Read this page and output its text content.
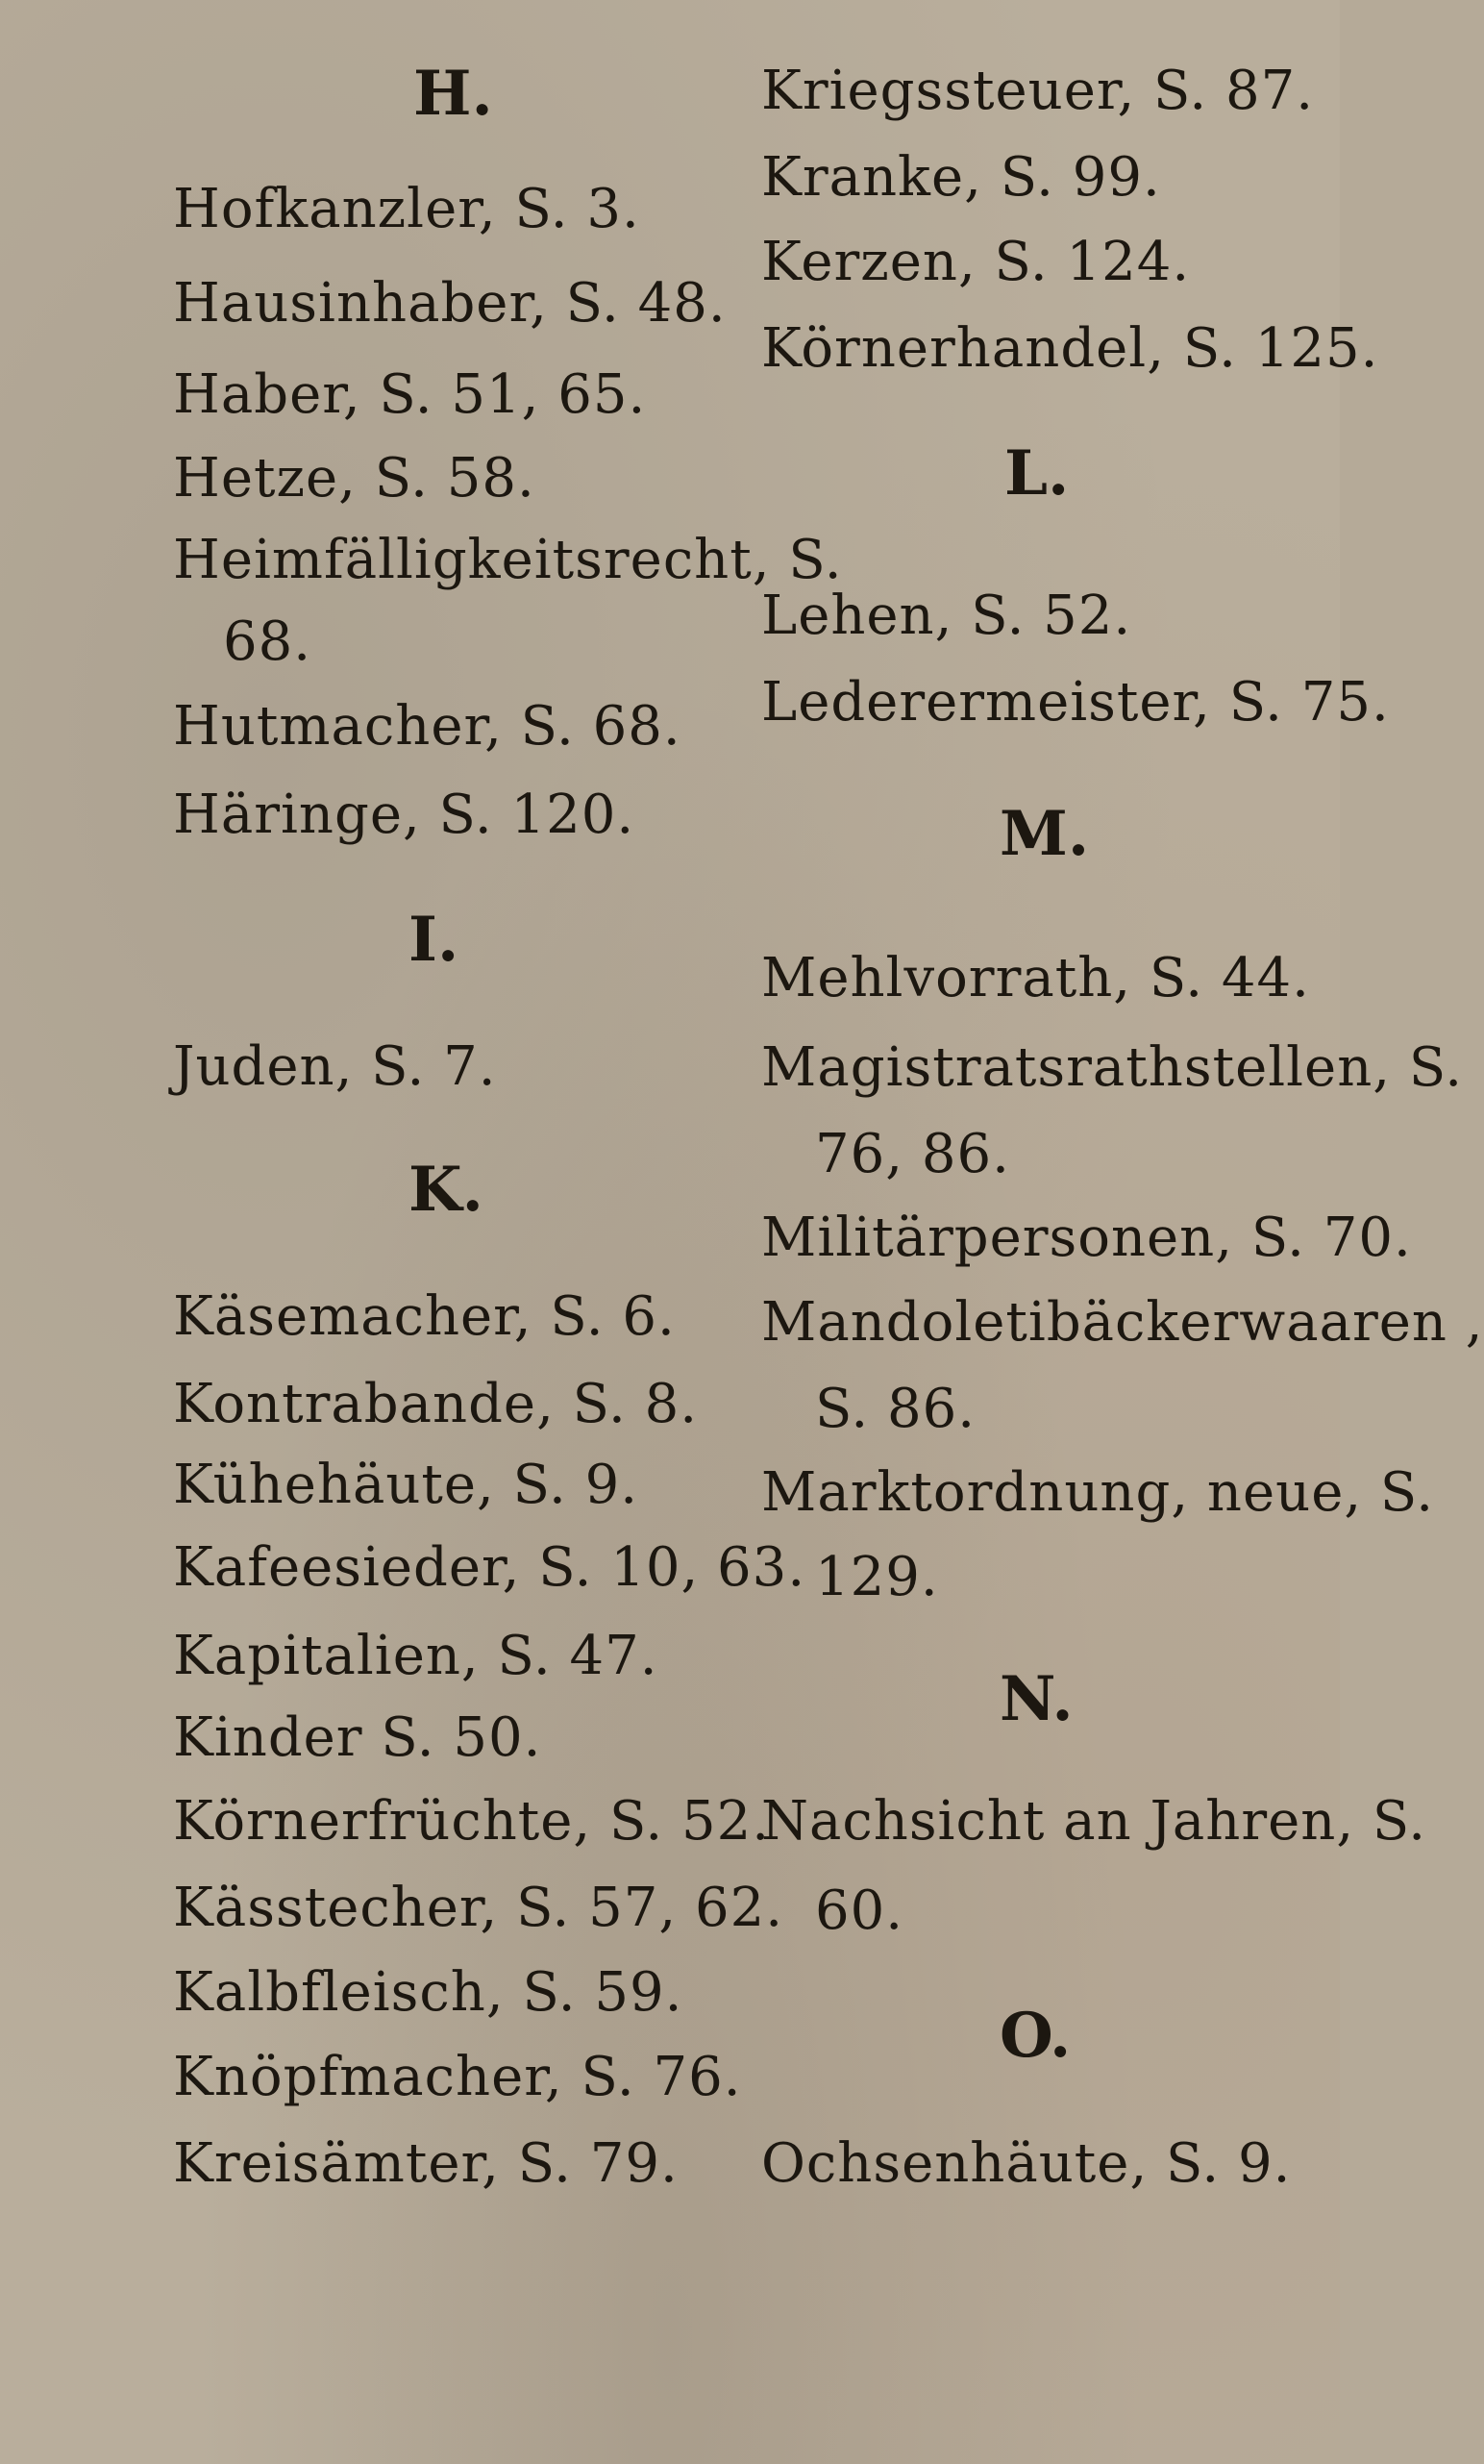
H.
Hofkanzler, S. 3.
Hausinhaber, S. 48.
Haber, S. 51, 65.
Hetze, S. 58.
Heimfälligkeitsrecht, S.
68.
Hutmacher, S. 68.
Häringe, S. 120.
I.
Juden, S. 7.
K.
Käsemacher, S. 6.
Kontrabande, S. 8.
Kühehäute, S. 9.
Kafeesieder, S. 10, 63.
Kapitalien, S. 47.
Kinder S. 50.
Körnerfrüchte, S. 52.
Kässtecher, S. 57, 62.
Kalbfleisch, S. 59.
Knöpfmacher, S. 76.
Kreisämter, S. 79.
Kriegssteuer, S. 87.
Kranke, S. 99.
Kerzen, S. 124.
Körnerhandel, S. 125.
L.
Lehen, S. 52.
Lederermeister, S. 75.
M.
Mehlvorrath, S. 44.
Magistratsrathstellen, S.
76, 86.
Militärpersonen, S. 70.
Mandoletibäckerwaaren ,
S. 86.
Marktordnung, neue, S.
129.
N.
Nachsicht an Jahren, S.
60.
O.
Ochsenhäute, S. 9.
